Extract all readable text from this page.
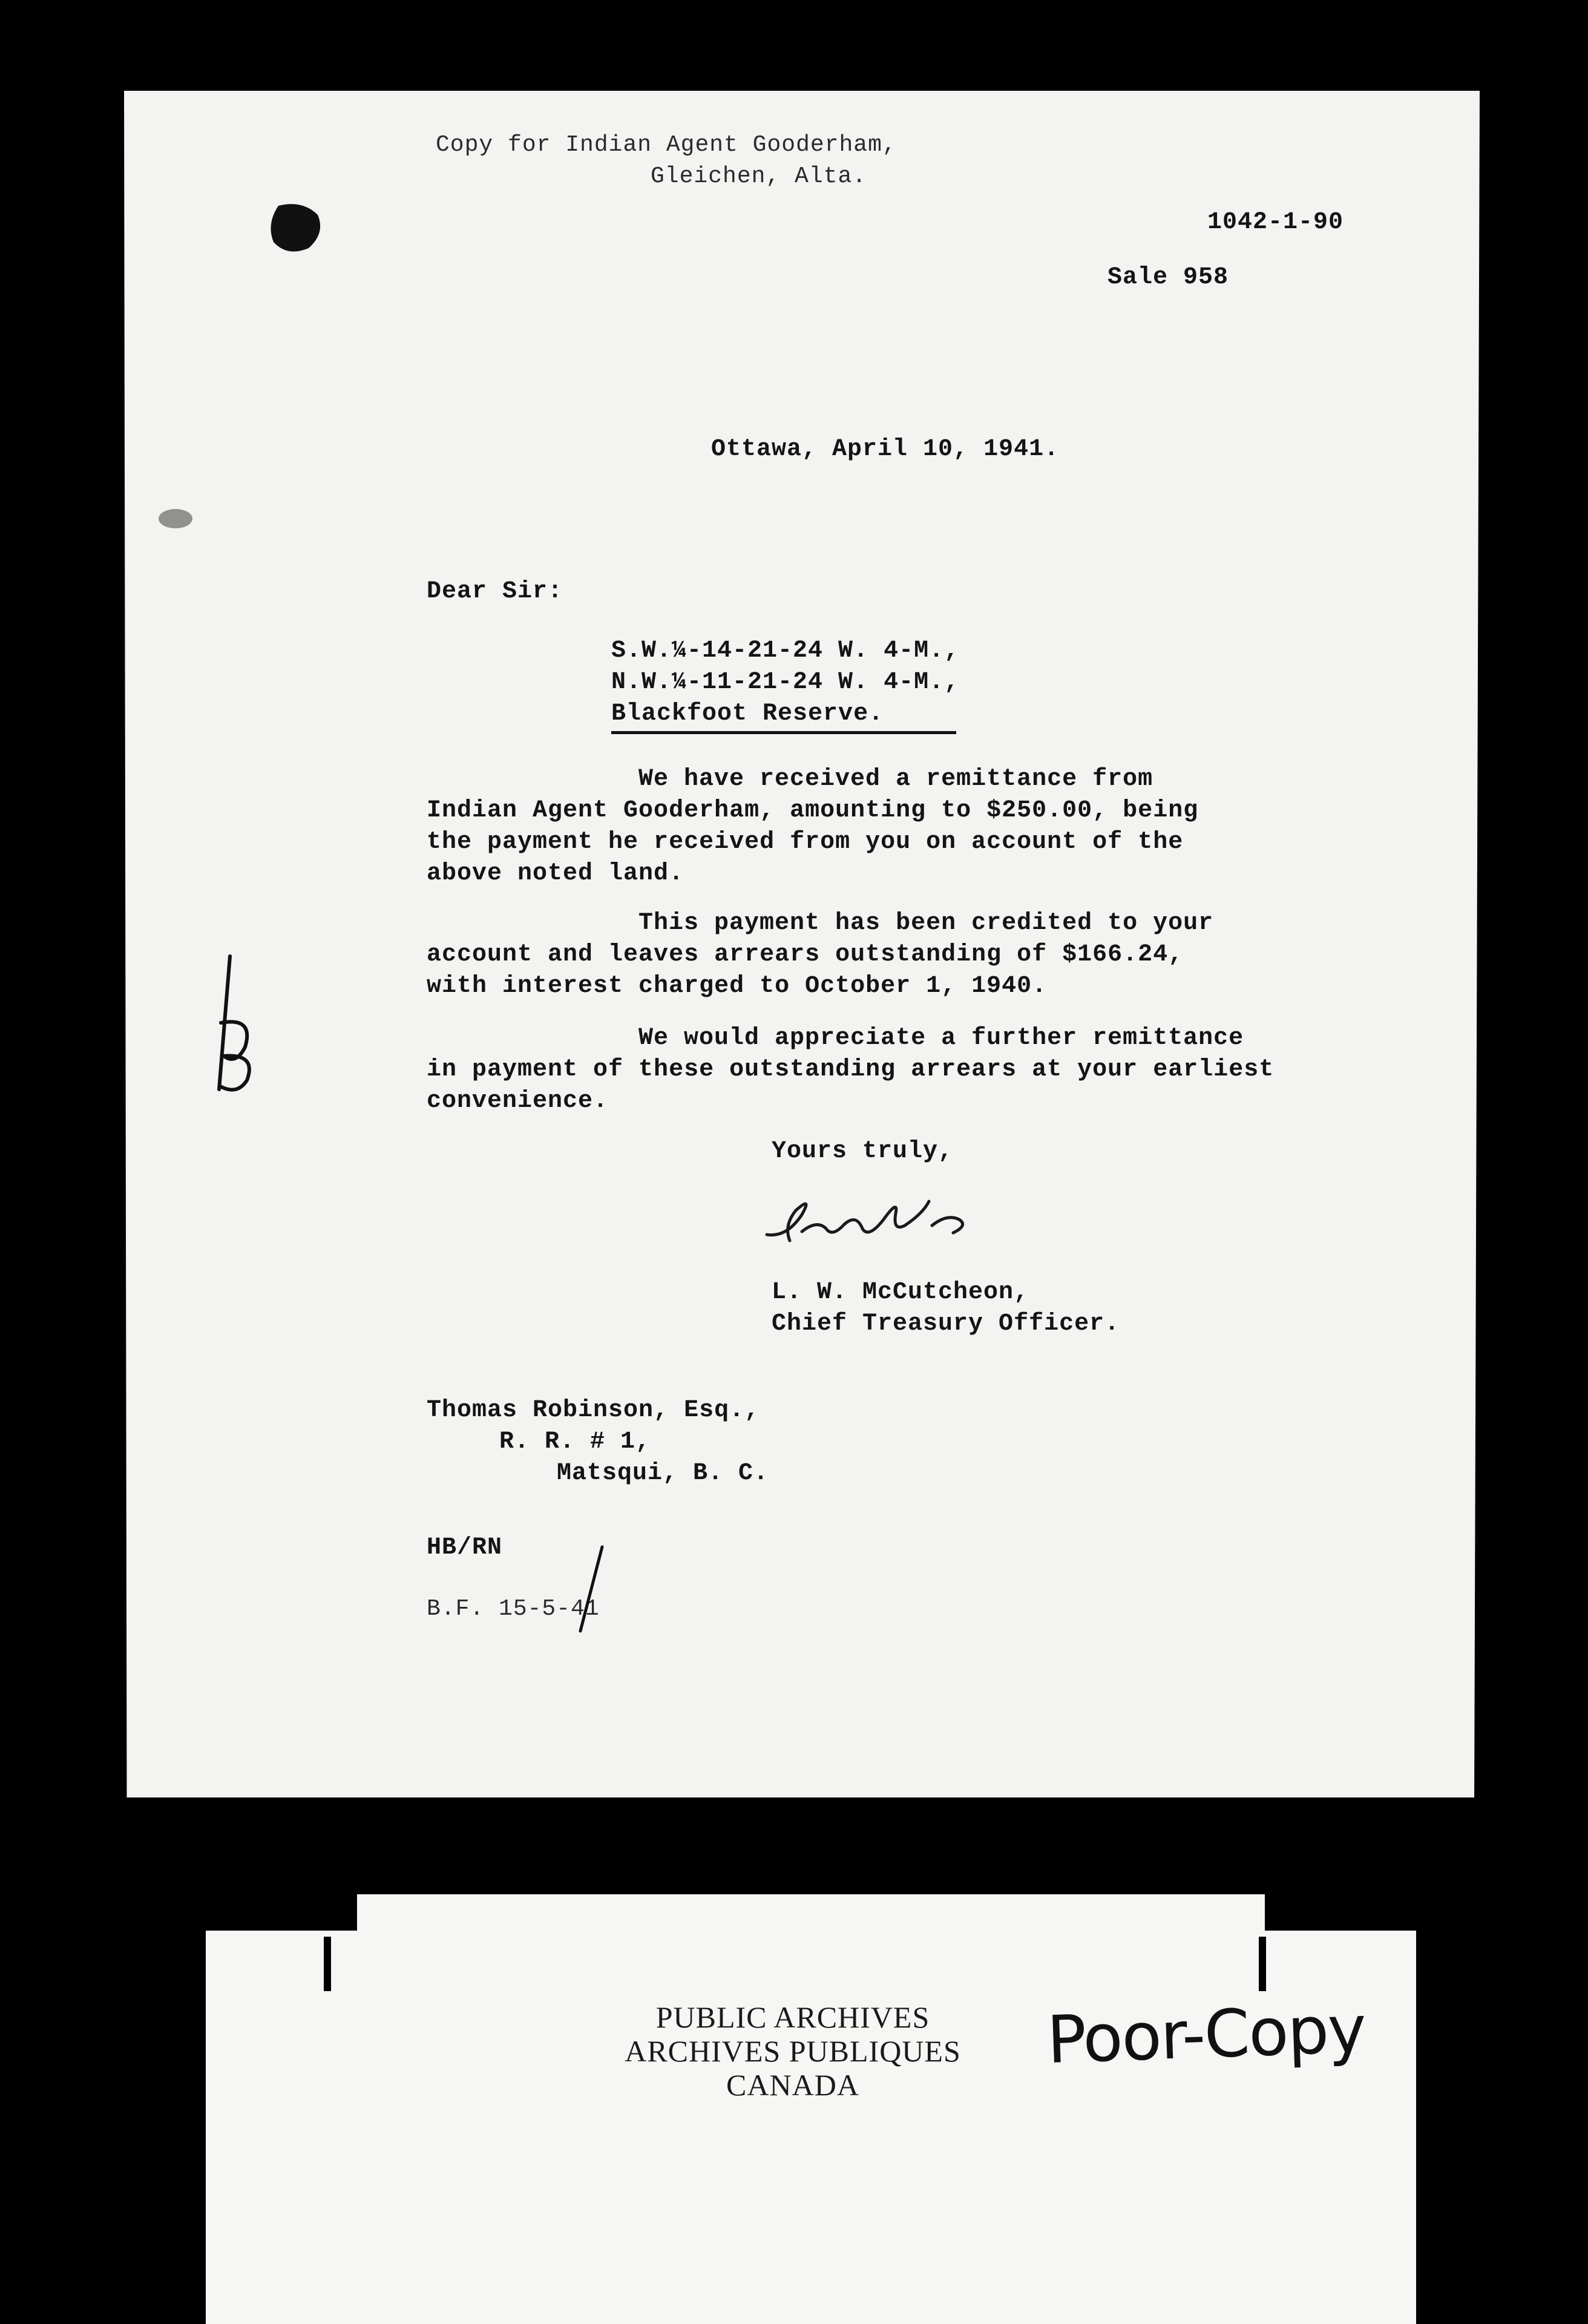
Copy for Indian Agent Gooderham,
Gleichen, Alta.
1042-1-90
Sale 958
Ottawa, April 10, 1941.
Dear Sir:
S.W.¼-14-21-24 W. 4-M.,
N.W.¼-11-21-24 W. 4-M.,
Blackfoot Reserve.
We have received a remittance from
Indian Agent Gooderham, amounting to $250.00, being
the payment he received from you on account of the
above noted land.
This payment has been credited to your
account and leaves arrears outstanding of $166.24,
with interest charged to October 1, 1940.
We would appreciate a further remittance
in payment of these outstanding arrears at your earliest
convenience.
Yours truly,
L. W. McCutcheon,
Chief Treasury Officer.
Thomas Robinson, Esq.,
R. R. # 1,
Matsqui, B. C.
HB/RN
B.F. 15-5-41
PUBLIC ARCHIVES
ARCHIVES PUBLIQUES
CANADA
Poor-Copy
